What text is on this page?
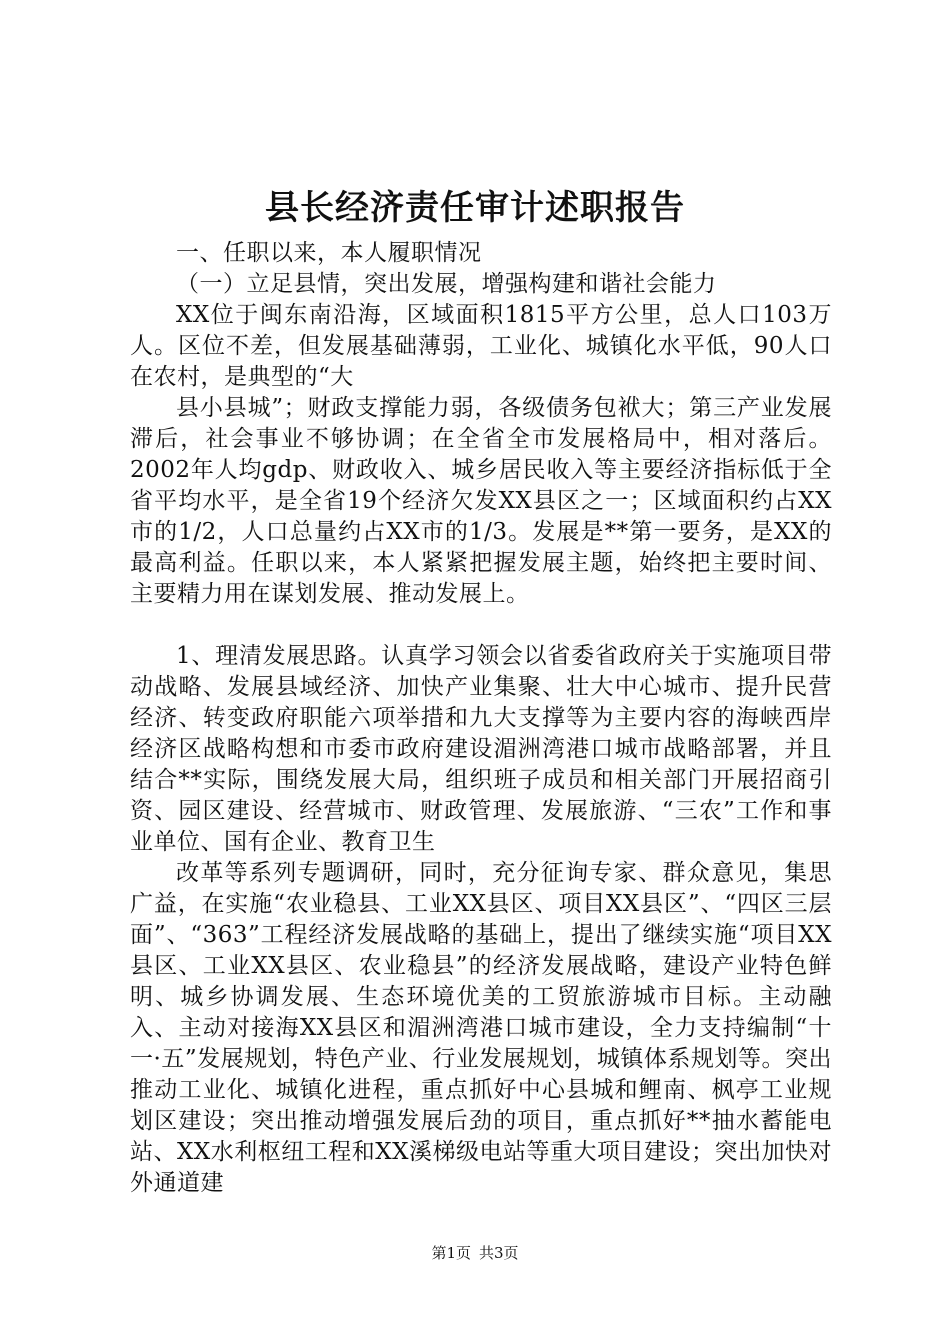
县长经济责任审计述职报告

一、任职以来，本人履职情况

（一）立足县情，突出发展，增强构建和谐社会能力

XX位于闽东南沿海，区域面积1815平方公里，总人口103万人。区位不差，但发展基础薄弱，工业化、城镇化水平低，90人口在农村，是典型的“大

县小县城”；财政支撑能力弱，各级债务包袱大；第三产业发展滞后，社会事业不够协调；在全省全市发展格局中，相对落后。2002年人均gdp、财政收入、城乡居民收入等主要经济指标低于全省平均水平，是全省19个经济欠发XX县区之一；区域面积约占XX市的1/2，人口总量约占XX市的1/3。发展是**第一要务，是XX的最高利益。任职以来，本人紧紧把握发展主题，始终把主要时间、主要精力用在谋划发展、推动发展上。

1、理清发展思路。认真学习领会以省委省政府关于实施项目带动战略、发展县域经济、加快产业集聚、壮大中心城市、提升民营经济、转变政府职能六项举措和九大支撑等为主要内容的海峡西岸经济区战略构想和市委市政府建设湄洲湾港口城市战略部署，并且结合**实际，围绕发展大局，组织班子成员和相关部门开展招商引资、园区建设、经营城市、财政管理、发展旅游、“三农”工作和事业单位、国有企业、教育卫生

改革等系列专题调研，同时，充分征询专家、群众意见，集思广益，在实施“农业稳县、工业XX县区、项目XX县区”、“四区三层面”、“363”工程经济发展战略的基础上，提出了继续实施“项目XX县区、工业XX县区、农业稳县”的经济发展战略，建设产业特色鲜明、城乡协调发展、生态环境优美的工贸旅游城市目标。主动融入、主动对接海XX县区和湄洲湾港口城市建设，全力支持编制“十一·五”发展规划，特色产业、行业发展规划，城镇体系规划等。突出推动工业化、城镇化进程，重点抓好中心县城和鲤南、枫亭工业规划区建设；突出推动增强发展后劲的项目，重点抓好**抽水蓄能电站、XX水利枢纽工程和XX溪梯级电站等重大项目建设；突出加快对外通道建

第1页 共3页
